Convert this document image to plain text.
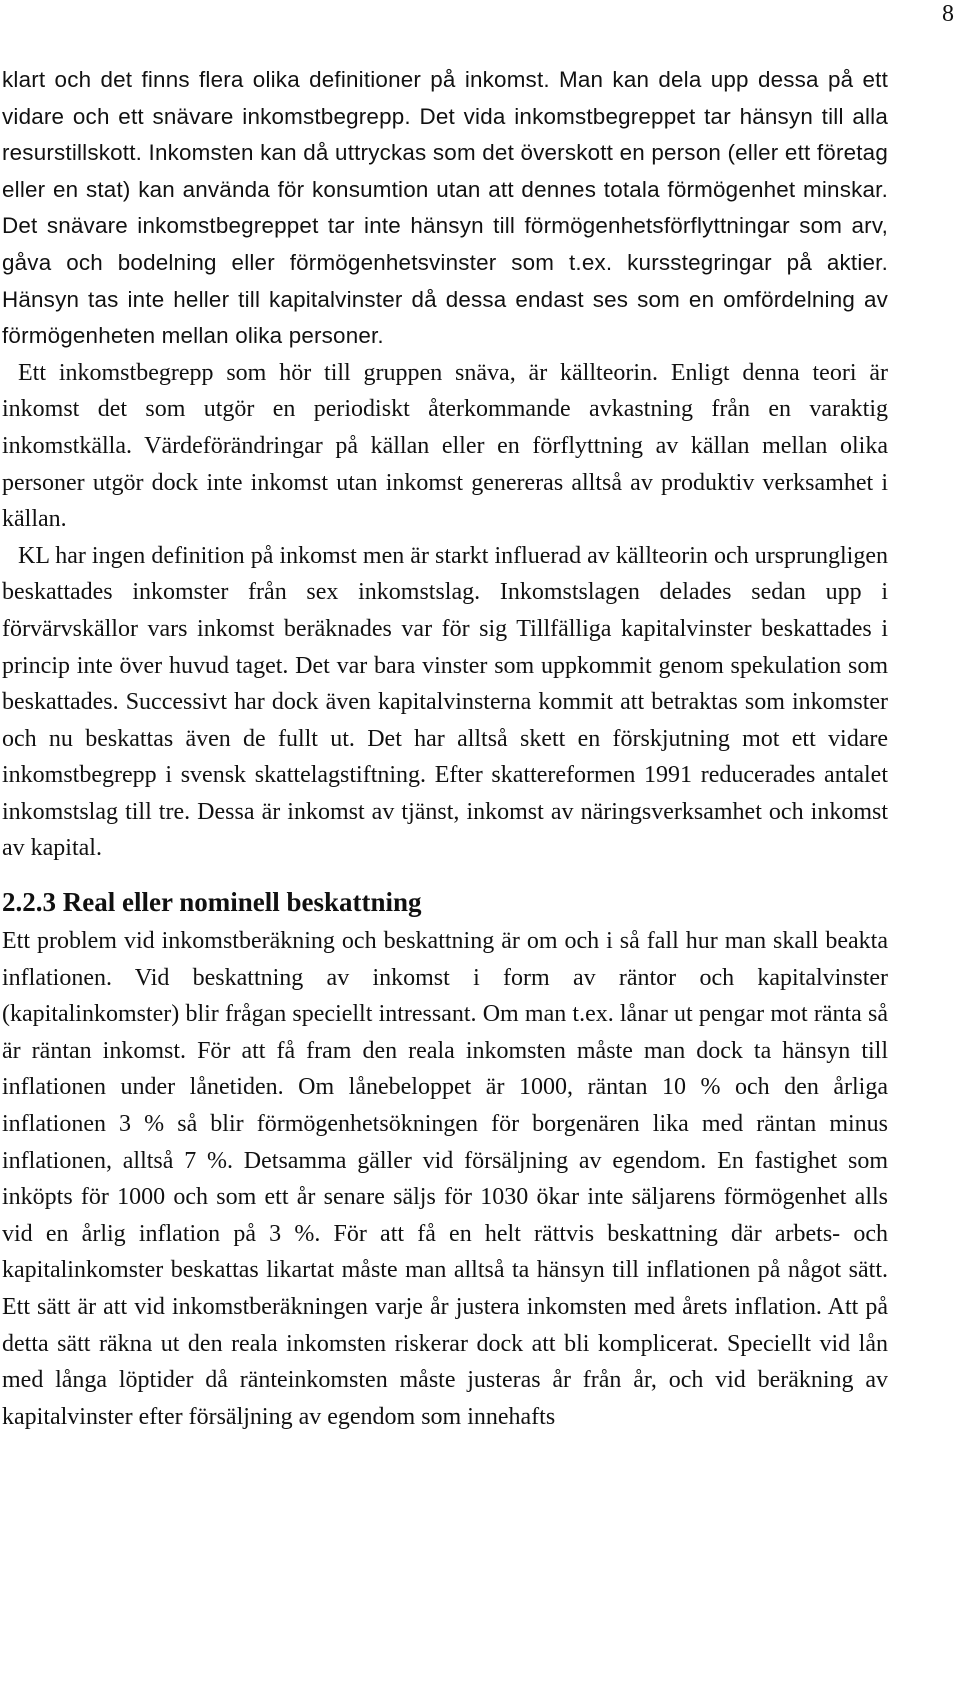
8

klart och det finns flera olika definitioner på inkomst. Man kan dela upp dessa på ett vidare och ett snävare inkomstbegrepp. Det vida inkomstbegreppet tar hänsyn till alla resurstillskott. Inkomsten kan då uttryckas som det överskott en person (eller ett företag eller en stat) kan använda för konsumtion utan att dennes totala förmögenhet minskar. Det snävare inkomstbegreppet tar inte hänsyn till förmögenhetsförflyttningar som arv, gåva och bodelning eller förmögenhetsvinster som t.ex. kursstegringar på aktier. Hänsyn tas inte heller till kapitalvinster då dessa endast ses som en omfördelning av förmögenheten mellan olika personer.

Ett inkomstbegrepp som hör till gruppen snäva, är källteorin. Enligt denna teori är inkomst det som utgör en periodiskt återkommande avkastning från en varaktig inkomstkälla. Värdeförändringar på källan eller en förflyttning av källan mellan olika personer utgör dock inte inkomst utan inkomst genereras alltså av produktiv verksamhet i källan.

KL har ingen definition på inkomst men är starkt influerad av källteorin och ursprungligen beskattades inkomster från sex inkomstslag. Inkomstslagen delades sedan upp i förvärvskällor vars inkomst beräknades var för sig Tillfälliga kapitalvinster beskattades i princip inte över huvud taget. Det var bara vinster som uppkommit genom spekulation som beskattades. Successivt har dock även kapitalvinsterna kommit att betraktas som inkomster och nu beskattas även de fullt ut. Det har alltså skett en förskjutning mot ett vidare inkomstbegrepp i svensk skattelagstiftning. Efter skattereformen 1991 reducerades antalet inkomstslag till tre. Dessa är inkomst av tjänst, inkomst av näringsverksamhet och inkomst av kapital.

2.2.3 Real eller nominell beskattning

Ett problem vid inkomstberäkning och beskattning är om och i så fall hur man skall beakta inflationen. Vid beskattning av inkomst i form av räntor och kapitalvinster (kapitalinkomster) blir frågan speciellt intressant. Om man t.ex. lånar ut pengar mot ränta så är räntan inkomst. För att få fram den reala inkomsten måste man dock ta hänsyn till inflationen under lånetiden. Om lånebeloppet är 1000, räntan 10 % och den årliga inflationen 3 % så blir förmögenhetsökningen för borgenären lika med räntan minus inflationen, alltså 7 %. Detsamma gäller vid försäljning av egendom. En fastighet som inköpts för 1000 och som ett år senare säljs för 1030 ökar inte säljarens förmögenhet alls vid en årlig inflation på 3 %. För att få en helt rättvis beskattning där arbets- och kapitalinkomster beskattas likartat måste man alltså ta hänsyn till inflationen på något sätt. Ett sätt är att vid inkomstberäkningen varje år justera inkomsten med årets inflation. Att på detta sätt räkna ut den reala inkomsten riskerar dock att bli komplicerat. Speciellt vid lån med långa löptider då ränteinkomsten måste justeras år från år, och vid beräkning av kapitalvinster efter försäljning av egendom som innehafts
